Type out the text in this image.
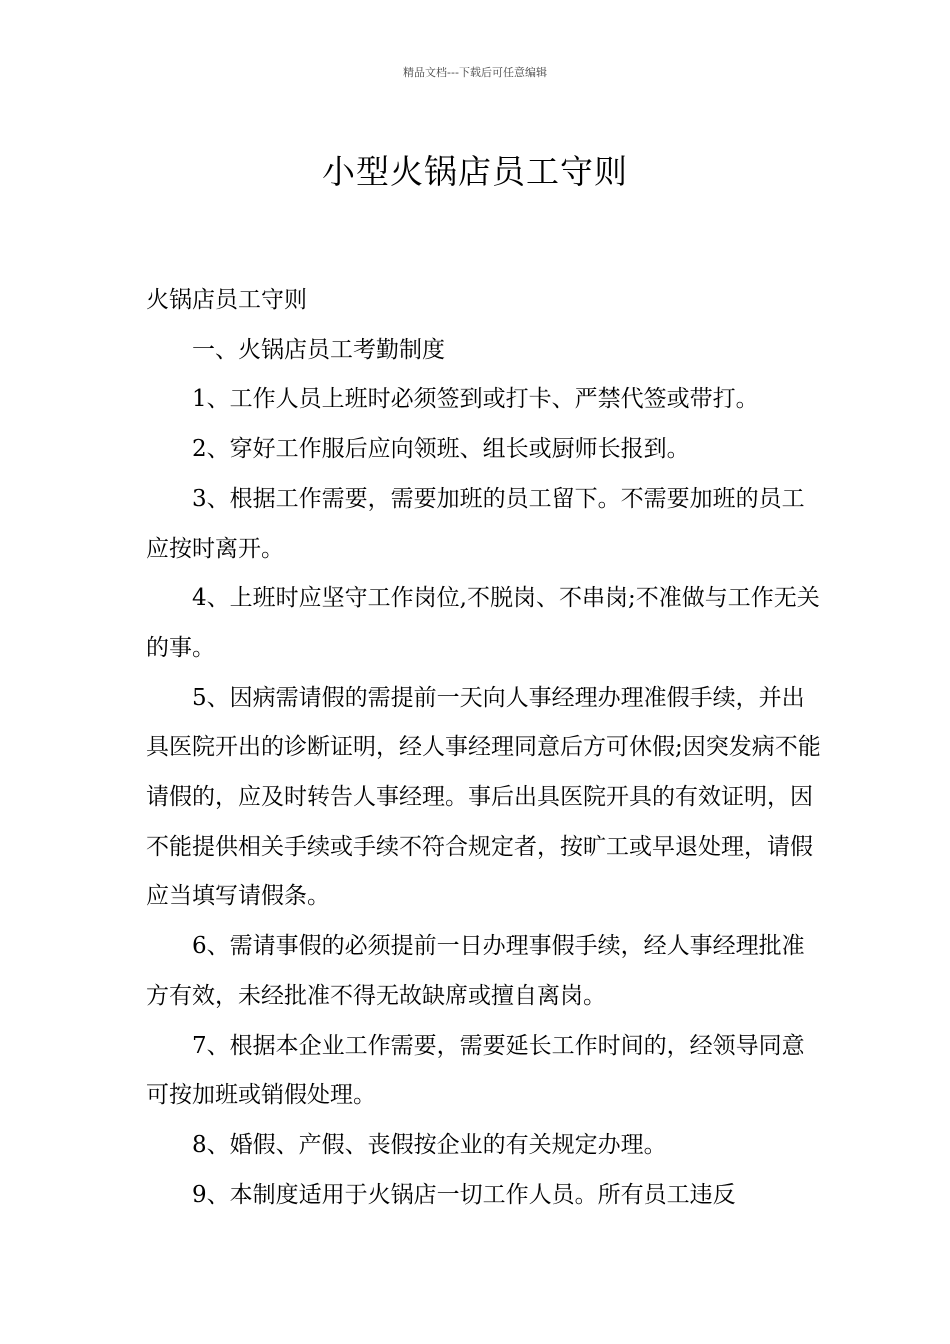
精品文档---下载后可任意编辑
小型火锅店员工守则

火锅店员工守则

一、火锅店员工考勤制度

1、工作人员上班时必须签到或打卡、严禁代签或带打。

2、穿好工作服后应向领班、组长或厨师长报到。

3、根据工作需要，需要加班的员工留下。不需要加班的员工应按时离开。

4、上班时应坚守工作岗位,不脱岗、不串岗;不准做与工作无关的事。

5、因病需请假的需提前一天向人事经理办理准假手续，并出具医院开出的诊断证明，经人事经理同意后方可休假;因突发病不能请假的，应及时转告人事经理。事后出具医院开具的有效证明，因不能提供相关手续或手续不符合规定者，按旷工或早退处理，请假应当填写请假条。

6、需请事假的必须提前一日办理事假手续，经人事经理批准方有效，未经批准不得无故缺席或擅自离岗。

7、根据本企业工作需要，需要延长工作时间的，经领导同意可按加班或销假处理。

8、婚假、产假、丧假按企业的有关规定办理。

9、本制度适用于火锅店一切工作人员。所有员工违反
